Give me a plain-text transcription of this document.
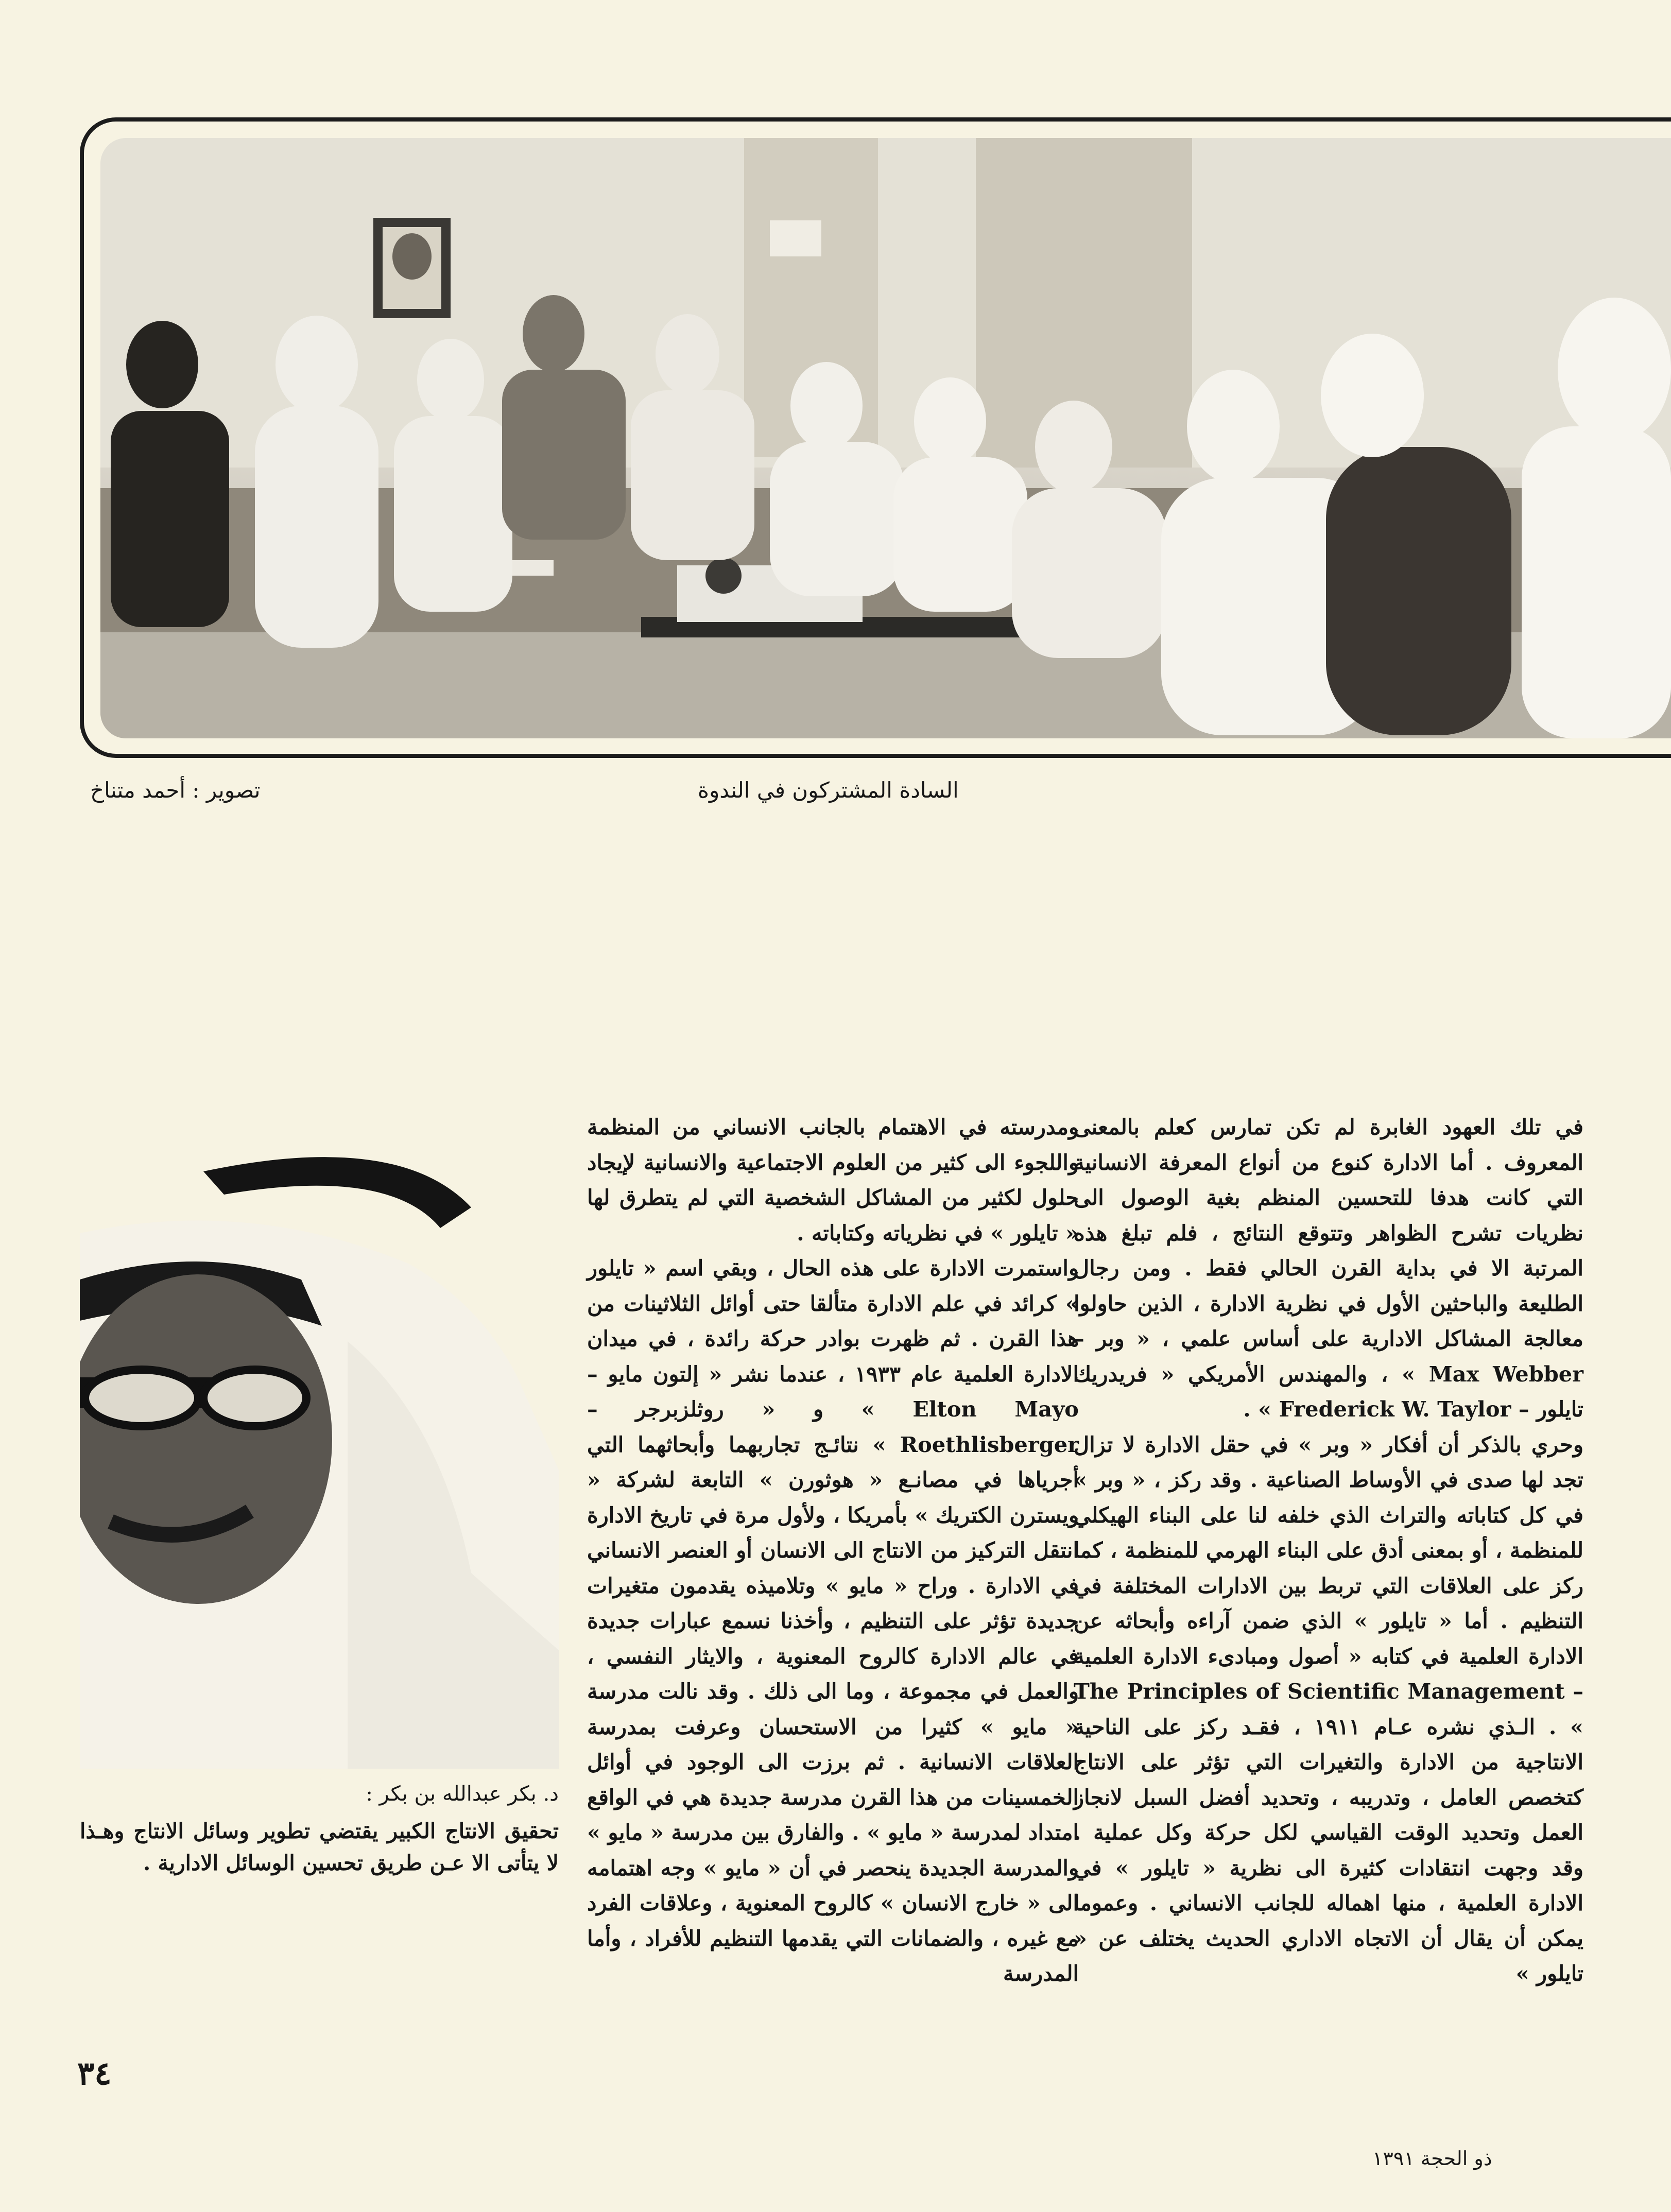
السادة المشتركون في الندوة
تصوير : أحمد متناخ

في تلك العهود الغابرة لم تكن تمارس كعلم بالمعنى المعروف . أما الادارة كنوع من أنواع المعرفة الانسانية التي كانت هدفا للتحسين المنظم بغية الوصول الى نظريات تشرح الظواهر وتتوقع النتائج ، فلم تبلغ هذه المرتبة الا في بداية القرن الحالي فقط . ومن رجال الطليعة والباحثين الأول في نظرية الادارة ، الذين حاولوا معالجة المشاكل الادارية على أساس علمي ، « وبر – Max Webber » ، والمهندس الأمريكي « فريدريك تايلور – Frederick W. Taylor » .

وحري بالذكر أن أفكار « وبر » في حقل الادارة لا تزال تجد لها صدى في الأوساط الصناعية . وقد ركز ، « وبر » في كل كتاباته والتراث الذي خلفه لنا على البناء الهيكلي للمنظمة ، أو بمعنى أدق على البناء الهرمي للمنظمة ، كما ركز على العلاقات التي تربط بين الادارات المختلفة في التنظيم . أما « تايلور » الذي ضمن آراءه وأبحاثه عن الادارة العلمية في كتابه « أصول ومبادىء الادارة العلمية – The Principles of Scientific Management » . الـذي نشره عـام ١٩١١ ، فقـد ركز على الناحية الانتاجية من الادارة والتغيرات التي تؤثر على الانتاج كتخصص العامل ، وتدريبه ، وتحديد أفضل السبل لانجاز العمل وتحديد الوقت القياسي لكل حركة وكل عملية . وقد وجهت انتقادات كثيرة الى نظرية « تايلور » في الادارة العلمية ، منها اهماله للجانب الانساني . وعموما يمكن أن يقال أن الاتجاه الاداري الحديث يختلف عن « تايلور »

ومدرسته في الاهتمام بالجانب الانساني من المنظمة واللجوء الى كثير من العلوم الاجتماعية والانسانية لإيجاد حلول لكثير من المشاكل الشخصية التي لم يتطرق لها « تايلور » في نظرياته وكتاباته .

واستمرت الادارة على هذه الحال ، وبقي اسم « تايلور » كرائد في علم الادارة متألقا حتى أوائل الثلاثينات من هذا القرن . ثم ظهرت بوادر حركة رائدة ، في ميدان الادارة العلمية عام ١٩٣٣ ، عندما نشر « إلتون مايو – Elton Mayo » و « روثلزبرجر – Roethlisberger » نتائـج تجاربهما وأبحاثهما التي أجرياها في مصانـع « هوثورن » التابعة لشركة « ويسترن الكتريك » بأمريكا ، ولأول مرة في تاريخ الادارة انتقل التركيز من الانتاج الى الانسان أو العنصر الانساني في الادارة . وراح « مايو » وتلاميذه يقدمون متغيرات جديدة تؤثر على التنظيم ، وأخذنا نسمع عبارات جديدة في عالم الادارة كالروح المعنوية ، والايثار النفسي ، والعمل في مجموعة ، وما الى ذلك . وقد نالت مدرسة « مايو » كثيرا من الاستحسان وعرفت بمدرسة العلاقات الانسانية . ثم برزت الى الوجود في أوائل الخمسينات من هذا القرن مدرسة جديدة هي في الواقع امتداد لمدرسة « مايو » . والفارق بين مدرسة « مايو » والمدرسة الجديدة ينحصر في أن « مايو » وجه اهتمامه الى « خارج الانسان » كالروح المعنوية ، وعلاقات الفرد مع غيره ، والضمانات التي يقدمها التنظيم للأفراد ، وأما المدرسة

د. بكر عبدالله بن بكر :
تحقيق الانتاج الكبير يقتضي تطوير وسائل الانتاج وهـذا لا يتأتى الا عـن طريق تحسين الوسائل الادارية .
٣٤
ذو الحجة ١٣٩١
